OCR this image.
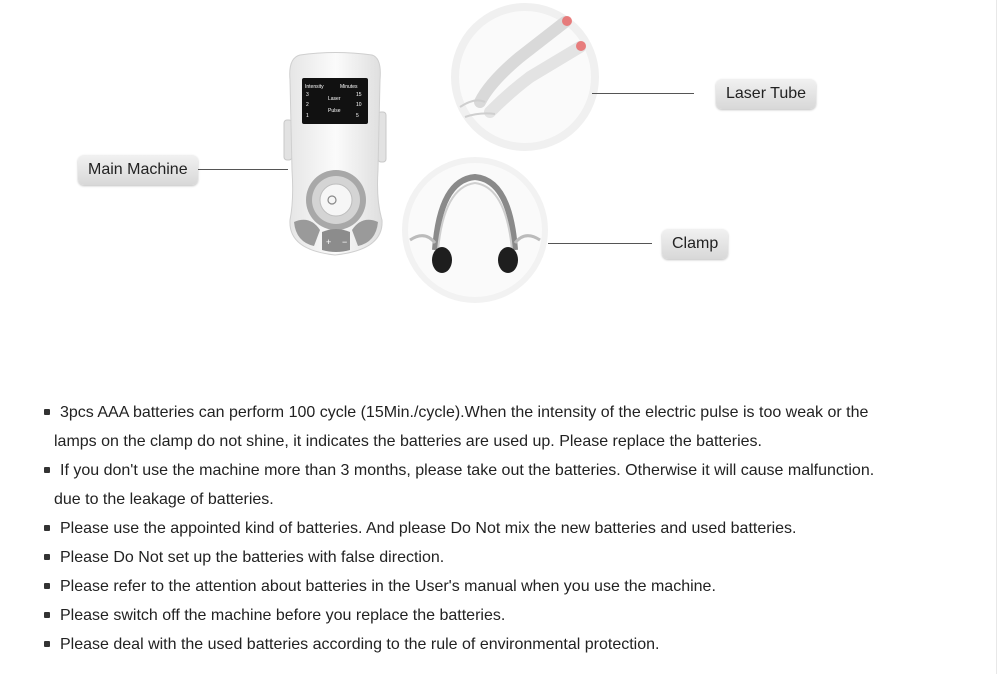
Intensity	Minutes
Laser
Pulse
3
2
1
15
10
5
+ −
Main Machine
Laser Tube
Clamp
3pcs AAA batteries can perform 100 cycle (15Min./cycle).When the intensity of the electric pulse is too weak or the
lamps on the clamp do not shine, it indicates the batteries are used up. Please replace the batteries.
If you don't use the machine more than 3 months, please take out the batteries. Otherwise it will cause malfunction.
due to the leakage of batteries.
Please use the appointed kind of batteries. And please Do Not mix the new batteries and used batteries.
Please Do Not set up the batteries with false direction.
Please refer to the attention about batteries in the User's manual when you use the machine.
Please switch off the machine before you replace the batteries.
Please deal with the used batteries according to the rule of environmental protection.
